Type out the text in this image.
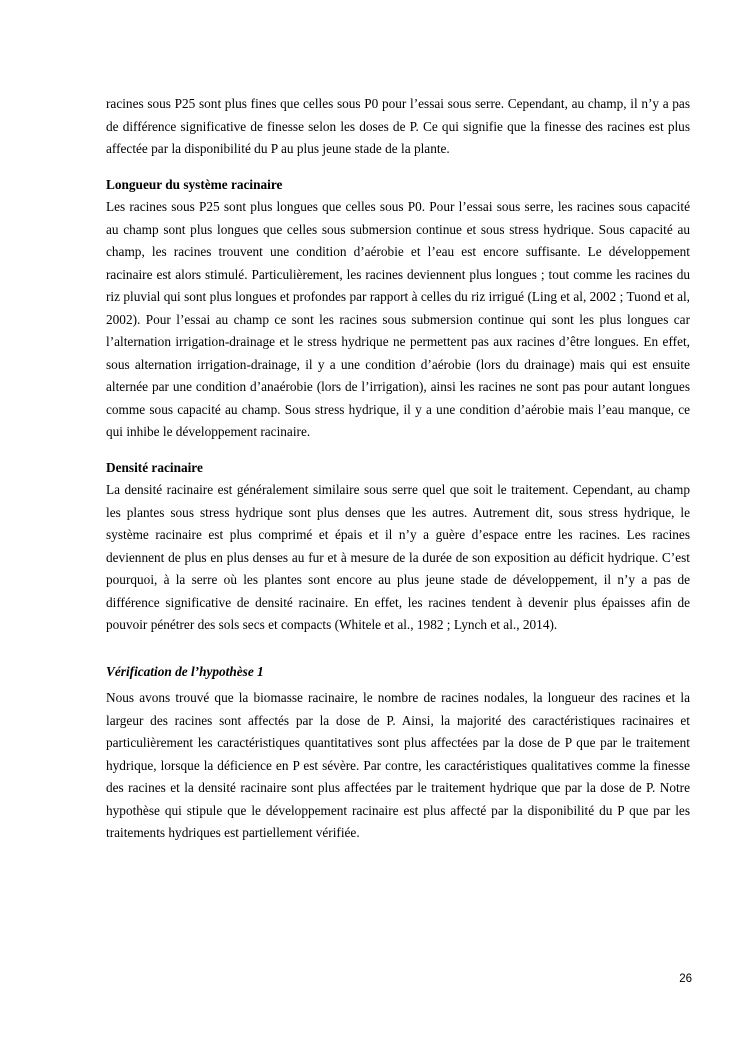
racines sous P25 sont plus fines que celles sous P0 pour l’essai sous serre. Cependant, au champ, il n’y a pas de différence significative de finesse selon les doses de P. Ce qui signifie que la finesse des racines est plus affectée par la disponibilité du P au plus jeune stade de la plante.

Longueur du système racinaire

Les racines sous P25 sont plus longues que celles sous P0. Pour l’essai sous serre, les racines sous capacité au champ sont plus longues que celles sous submersion continue et sous stress hydrique. Sous capacité au champ, les racines trouvent une condition d’aérobie et l’eau est encore suffisante. Le développement racinaire est alors stimulé. Particulièrement, les racines deviennent plus longues ; tout comme les racines du riz pluvial qui sont plus longues et profondes par rapport à celles du riz irrigué (Ling et al, 2002 ; Tuond et al, 2002). Pour l’essai au champ ce sont les racines sous submersion continue qui sont les plus longues car l’alternation irrigation-drainage et le stress hydrique ne permettent pas aux racines d’être longues. En effet, sous alternation irrigation-drainage, il y a une condition d’aérobie (lors du drainage) mais qui est ensuite alternée par une condition d’anaérobie (lors de l’irrigation), ainsi les racines ne sont pas pour autant longues comme sous capacité au champ. Sous stress hydrique, il y a une condition d’aérobie mais l’eau manque, ce qui inhibe le développement racinaire.

Densité racinaire

La densité racinaire est généralement similaire sous serre quel que soit le traitement. Cependant, au champ les plantes sous stress hydrique sont plus denses que les autres. Autrement dit, sous stress hydrique, le système racinaire est plus comprimé et épais et il n’y a guère d’espace entre les racines. Les racines deviennent de plus en plus denses au fur et à mesure de la durée de son exposition au déficit hydrique. C’est pourquoi, à la serre où les plantes sont encore au plus jeune stade de développement, il n’y a pas de différence significative de densité racinaire. En effet, les racines tendent à devenir plus épaisses afin de pouvoir pénétrer des sols secs et compacts (Whitele et al., 1982 ; Lynch et al., 2014).

Vérification de l’hypothèse 1

Nous avons trouvé que la biomasse racinaire, le nombre de racines nodales, la longueur des racines et la largeur des racines sont affectés par la dose de P. Ainsi, la majorité des caractéristiques racinaires et particulièrement les caractéristiques quantitatives sont plus affectées par la dose de P que par le traitement hydrique, lorsque la déficience en P est sévère. Par contre, les caractéristiques qualitatives comme la finesse des racines et la densité racinaire sont plus affectées par le traitement hydrique que par la dose de P. Notre hypothèse qui stipule que le développement racinaire est plus affecté par la disponibilité du P que par les traitements hydriques est partiellement vérifiée.

26
